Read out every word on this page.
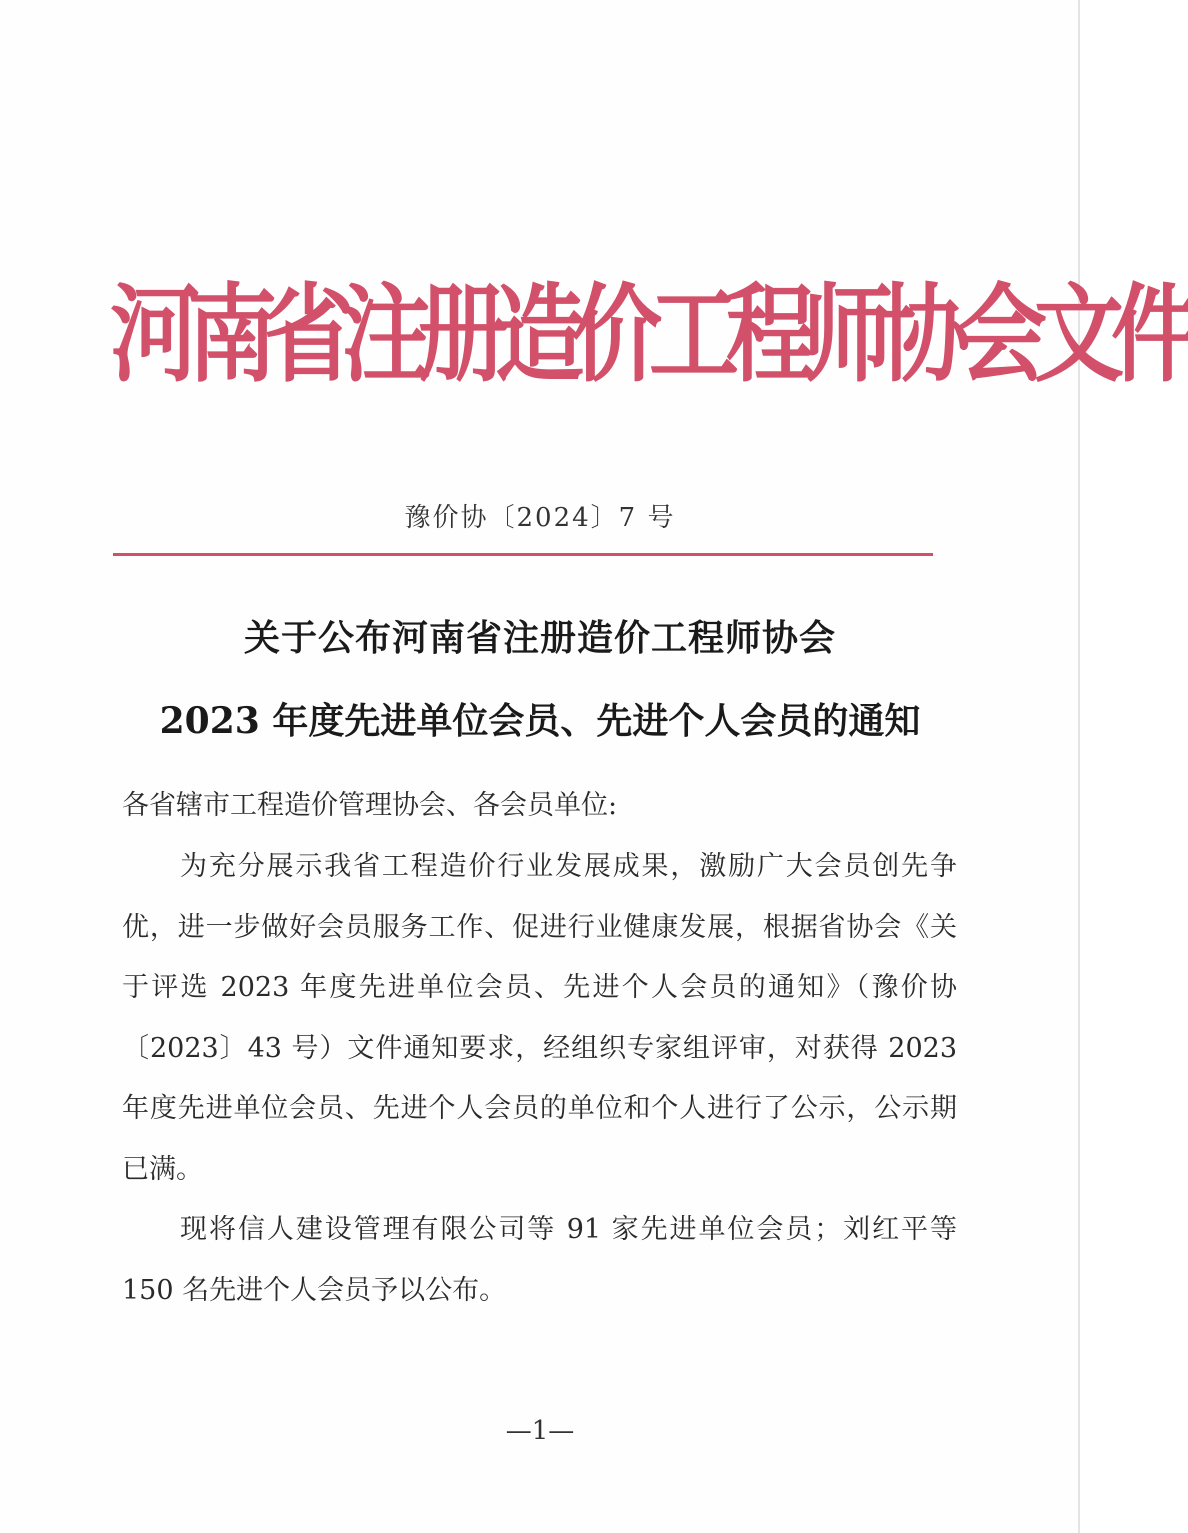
河南省注册造价工程师协会文件
豫价协〔2024〕7 号
关于公布河南省注册造价工程师协会
2023 年度先进单位会员、先进个人会员的通知
各省辖市工程造价管理协会、各会员单位:
为充分展示我省工程造价行业发展成果，激励广大会员创先争优，进一步做好会员服务工作、促进行业健康发展，根据省协会《关于评选 2023 年度先进单位会员、先进个人会员的通知》（豫价协〔2023〕43 号）文件通知要求，经组织专家组评审，对获得 2023 年度先进单位会员、先进个人会员的单位和个人进行了公示，公示期已满。
现将信人建设管理有限公司等 91 家先进单位会员；刘红平等 150 名先进个人会员予以公布。
—1—
